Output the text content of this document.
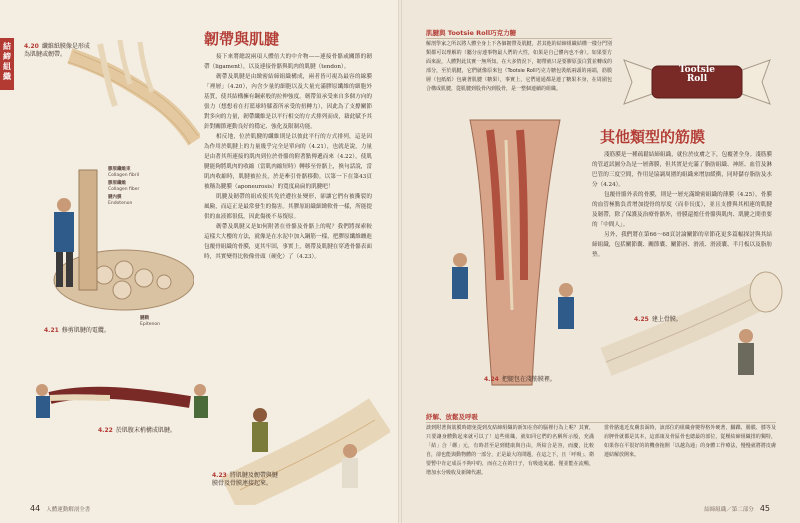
結締組織
4.20 纖維紙膜像是形成為肌腱或韌帶。
膠原纖維束
Collagen fibril
膠原纖維
Collagen fiber
腱內膜
Endotenon
腱鞘
Epitenon
4.21 修剪肌腱的電纜。
4.22 於肌腹末梢構成肌腱。
4.23 將肌腱及韌帶與腱膜骨及骨膜連接起來。
韌帶與肌腱

接下來將總說兩項人體倍大的中介物——連接骨骼或關節的韌帶（ligament），以及連接骨骼與肌肉的肌腱（tendon）。

韌帶及肌腱是由緻密結締組織構成，兩者皆可視為最容的線膜「裡層」（4.20），內含少量的細胞以及大量充滿膠原纖維的細胞外基質，使其結構擁有鋼索般的拉伸強度。韌帶須承受來自多個方向的張力（想想看在打籃球時膝蓋所承受的扭轉力），因此為了支撐關節對多向的力量，韌帶纖維是以平行相交的方式排列而成，藉此賦予其針對關節運動良好的穩定、強化及限制功能。

相反地，位於肌腱的纖維則是以彼此平行的方式排列，這是因為作用於肌腱上的力量幾乎完全是單向的（4.21），也就是說，力量是由著其所連接的肌肉到位於骨骼的附著點傳遞而來（4.22），使肌腱能夠將肌肉的收縮（當肌肉縮短時）轉移至骨骼上，換句話說，當肌肉收縮時，肌腱被拉長，於是牽引骨骼移動。以第一下在第43頁被稱為腱膜（aponeurosis）的寬度扁扁的肌腱吧！

肌腱及韌帶的組成使其免於遭拉扯變形，卻讓它們有被撕裂的風險，而這正是最常發生的傷害。其膠原組織細緻軟骨一樣，所能提供的血液都很低，因此傷後不易復原。

韌帶及肌腱又是如何附著在骨骼及骨骼上的呢？我們將探索較這樣大大樓的方法，就像是在水泥中加入鋼筋一樣，把膠原纖維纏進包覆骨組織的骨膜，更其牢固，事實上，韌帶及肌腱在穿透骨骼表面時，其實變得比較像骨頭（硬化）了（4.23）。

44 人體運動解剖全書
肌腱與 Tootsie Roll巧克力糖
解剖學家之所以將人體全身上下各個韌帶及肌腱，甚其他的結締組織結構一樣分門別類都可以理解的（屬分房連事物最人們的大性，如果是自己體內也不會）。如果要方面來說，人體對此其實一無所知。在大多情況下，韌帶就只是要膠原蛋白質並轉成的部分，至於肌腱，它們就像原來包（Tootsie Roll巧克力糖包裝紙兩頭的兩端，筋膜層（包紙紙）包裹著肌腱（糖果），事實上，它們通通都是連了糖果本身，在周圍包合構成肌腱，從肌腱到股骨內到股骨，是一整個連續的組織。
Tootsie
Roll
其他類型的筋膜

淺筋膜是一種疏鬆結締組織，就位於皮膚之下，包覆著全身。淺筋膜的管道試圖分為是一層薄膜，但其實是充滿了脂肪組織、神經、血管及淋巴管的三度空間，作用是協調周圍的組織來增加緩衝，同時儲存脂肪及水分（4.24）。

包覆骨骼外表的骨膜，則是一層充滿緻密組織的薄膜（4.25），骨膜的血管極點負責增加提骨的厚度（而非長度），並且支撐與其相連的肌腱及韌帶，除了保護及治療骨骼外，骨膜還擔任骨骼與肌肉、肌腱之間重要的「中間人」。

另外，我們將在第66～68頁討論關節的章節花更多篇幅探討與其結締組織，包括關節囊、關節囊、關節唇、滑液、滑液囊、半月板以及脂肪墊。

4.24 把腿包在淺筋膜裡。
4.25 建上骨膜。
紓解、放鬆及呼吸
談到附著與筋膜時總免提到皮結締組織的新知在你的腦裡行為上呢？其實，只要讓身體動起來就可以了！這些組織，就如同它們的名稱所示般，充滿「結」合「綁」元，有時甚至是到健康與自由，所結合是容，而慶，比較自，卻也能與動物體的一部分，正是最大的問題，在這之下，且「呼吸」、衛要暫中肯定成長不夠中的，而在之在的日子，有吸進氣處、僅並能在流暢，增加水分吸收及新陳代謝。
當骨骼進近皮膚表面時，該部位的組織會變得格外硬著，腳踝、腸膜、膝等及肩胛骨就都是其本，這部康及骨區骨也總最的部位，從壓結締組織排的獨特，如果你在平很好的的機會拖開「以越為通」的身體工作療法，慢慢就將將皮膚連結解放開來。
結締組織／第二部分 45
